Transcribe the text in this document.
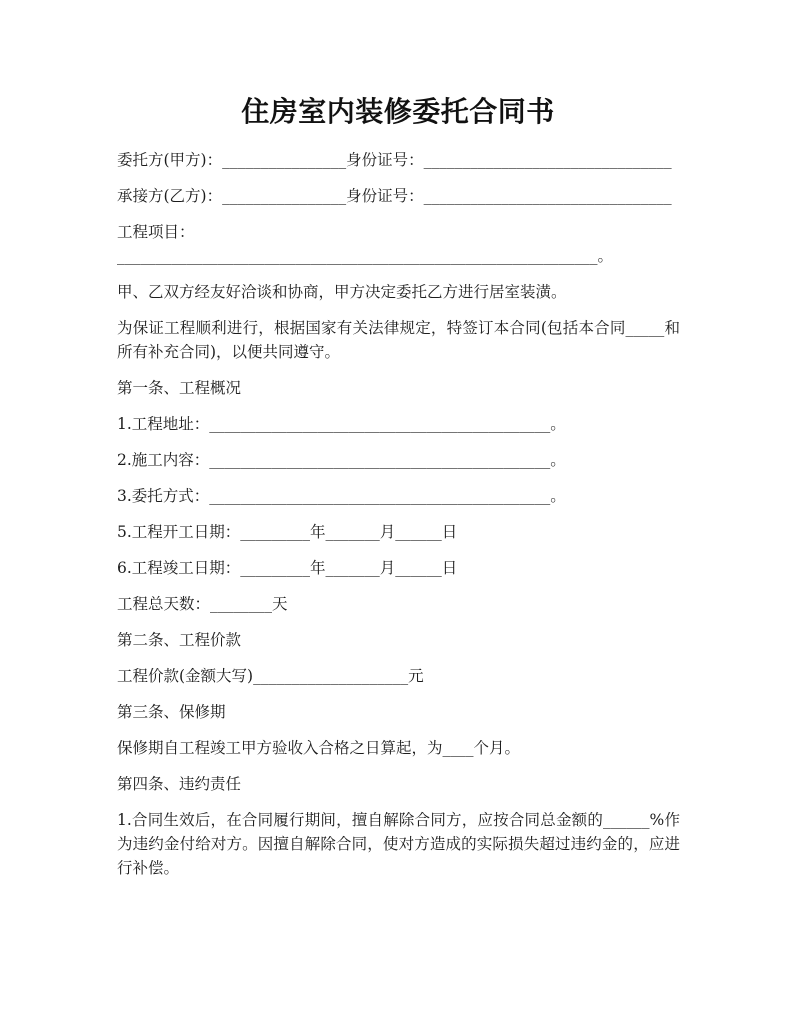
住房室内装修委托合同书
委托方(甲方)：________________身份证号：________________________________
承接方(乙方)：________________身份证号：________________________________
工程项目：
______________________________________________________________。
甲、乙双方经友好洽谈和协商，甲方决定委托乙方进行居室装潢。
为保证工程顺利进行，根据国家有关法律规定，特签订本合同(包括本合同_____和
所有补充合同)，以便共同遵守。
第一条、工程概况
1.工程地址：____________________________________________。
2.施工内容：____________________________________________。
3.委托方式：____________________________________________。
5.工程开工日期：_________年_______月______日
6.工程竣工日期：_________年_______月______日
工程总天数：________天
第二条、工程价款
工程价款(金额大写)____________________元
第三条、保修期
保修期自工程竣工甲方验收入合格之日算起，为____个月。
第四条、违约责任
1.合同生效后，在合同履行期间，擅自解除合同方，应按合同总金额的______%作
为违约金付给对方。因擅自解除合同，使对方造成的实际损失超过违约金的，应进
行补偿。
